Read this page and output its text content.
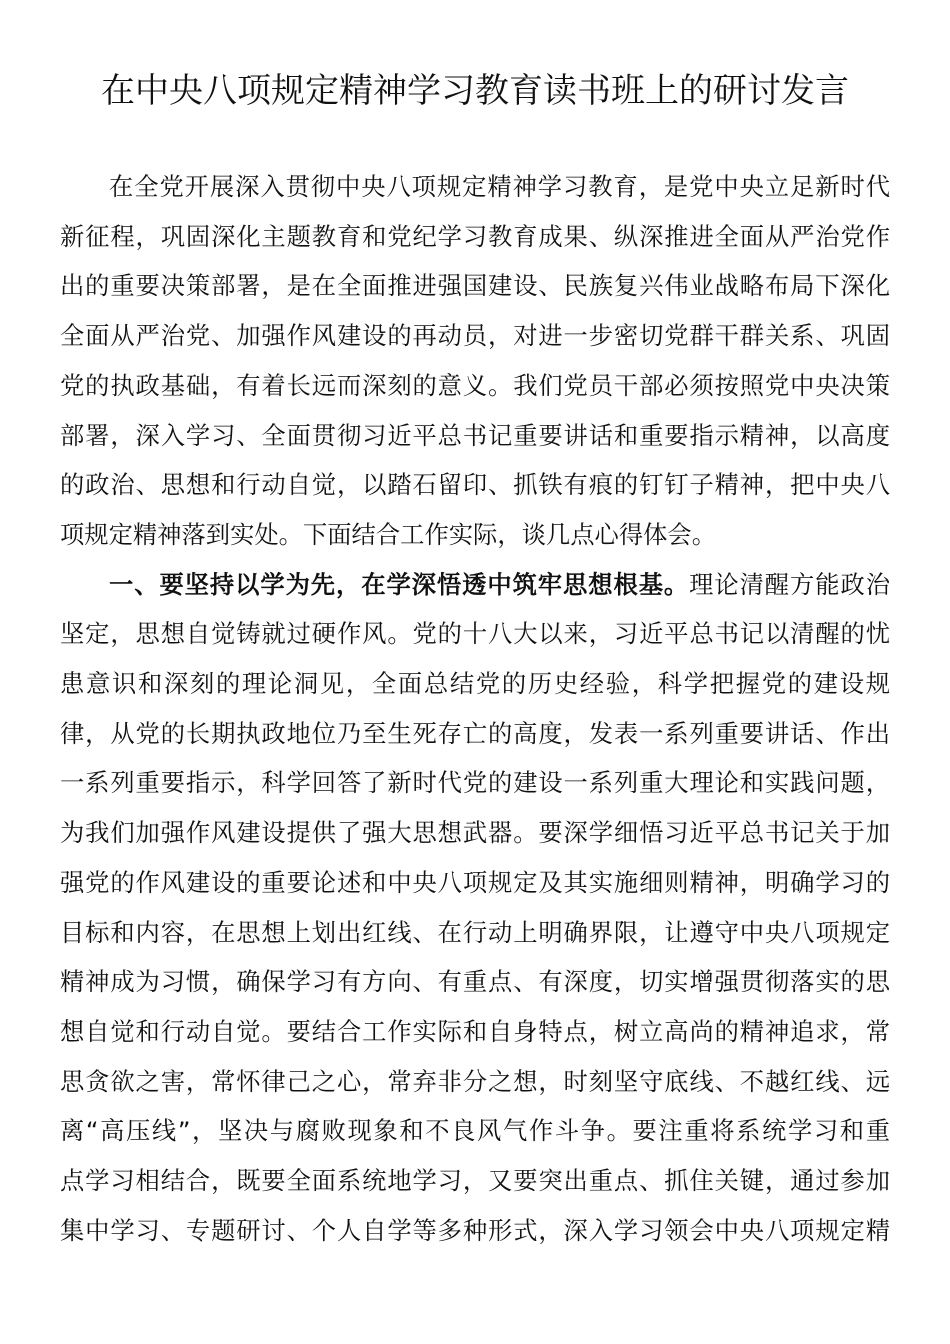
在中央八项规定精神学习教育读书班上的研讨发言
在全党开展深入贯彻中央八项规定精神学习教育，是党中央立足新时代
新征程，巩固深化主题教育和党纪学习教育成果、纵深推进全面从严治党作
出的重要决策部署，是在全面推进强国建设、民族复兴伟业战略布局下深化
全面从严治党、加强作风建设的再动员，对进一步密切党群干群关系、巩固
党的执政基础，有着长远而深刻的意义。我们党员干部必须按照党中央决策
部署，深入学习、全面贯彻习近平总书记重要讲话和重要指示精神，以高度
的政治、思想和行动自觉，以踏石留印、抓铁有痕的钉钉子精神，把中央八
项规定精神落到实处。下面结合工作实际，谈几点心得体会。
一、要坚持以学为先，在学深悟透中筑牢思想根基。理论清醒方能政治
坚定，思想自觉铸就过硬作风。党的十八大以来，习近平总书记以清醒的忧
患意识和深刻的理论洞见，全面总结党的历史经验，科学把握党的建设规
律，从党的长期执政地位乃至生死存亡的高度，发表一系列重要讲话、作出
一系列重要指示，科学回答了新时代党的建设一系列重大理论和实践问题，
为我们加强作风建设提供了强大思想武器。要深学细悟习近平总书记关于加
强党的作风建设的重要论述和中央八项规定及其实施细则精神，明确学习的
目标和内容，在思想上划出红线、在行动上明确界限，让遵守中央八项规定
精神成为习惯，确保学习有方向、有重点、有深度，切实增强贯彻落实的思
想自觉和行动自觉。要结合工作实际和自身特点，树立高尚的精神追求，常
思贪欲之害，常怀律己之心，常弃非分之想，时刻坚守底线、不越红线、远
离“高压线”，坚决与腐败现象和不良风气作斗争。要注重将系统学习和重
点学习相结合，既要全面系统地学习，又要突出重点、抓住关键，通过参加
集中学习、专题研讨、个人自学等多种形式，深入学习领会中央八项规定精
